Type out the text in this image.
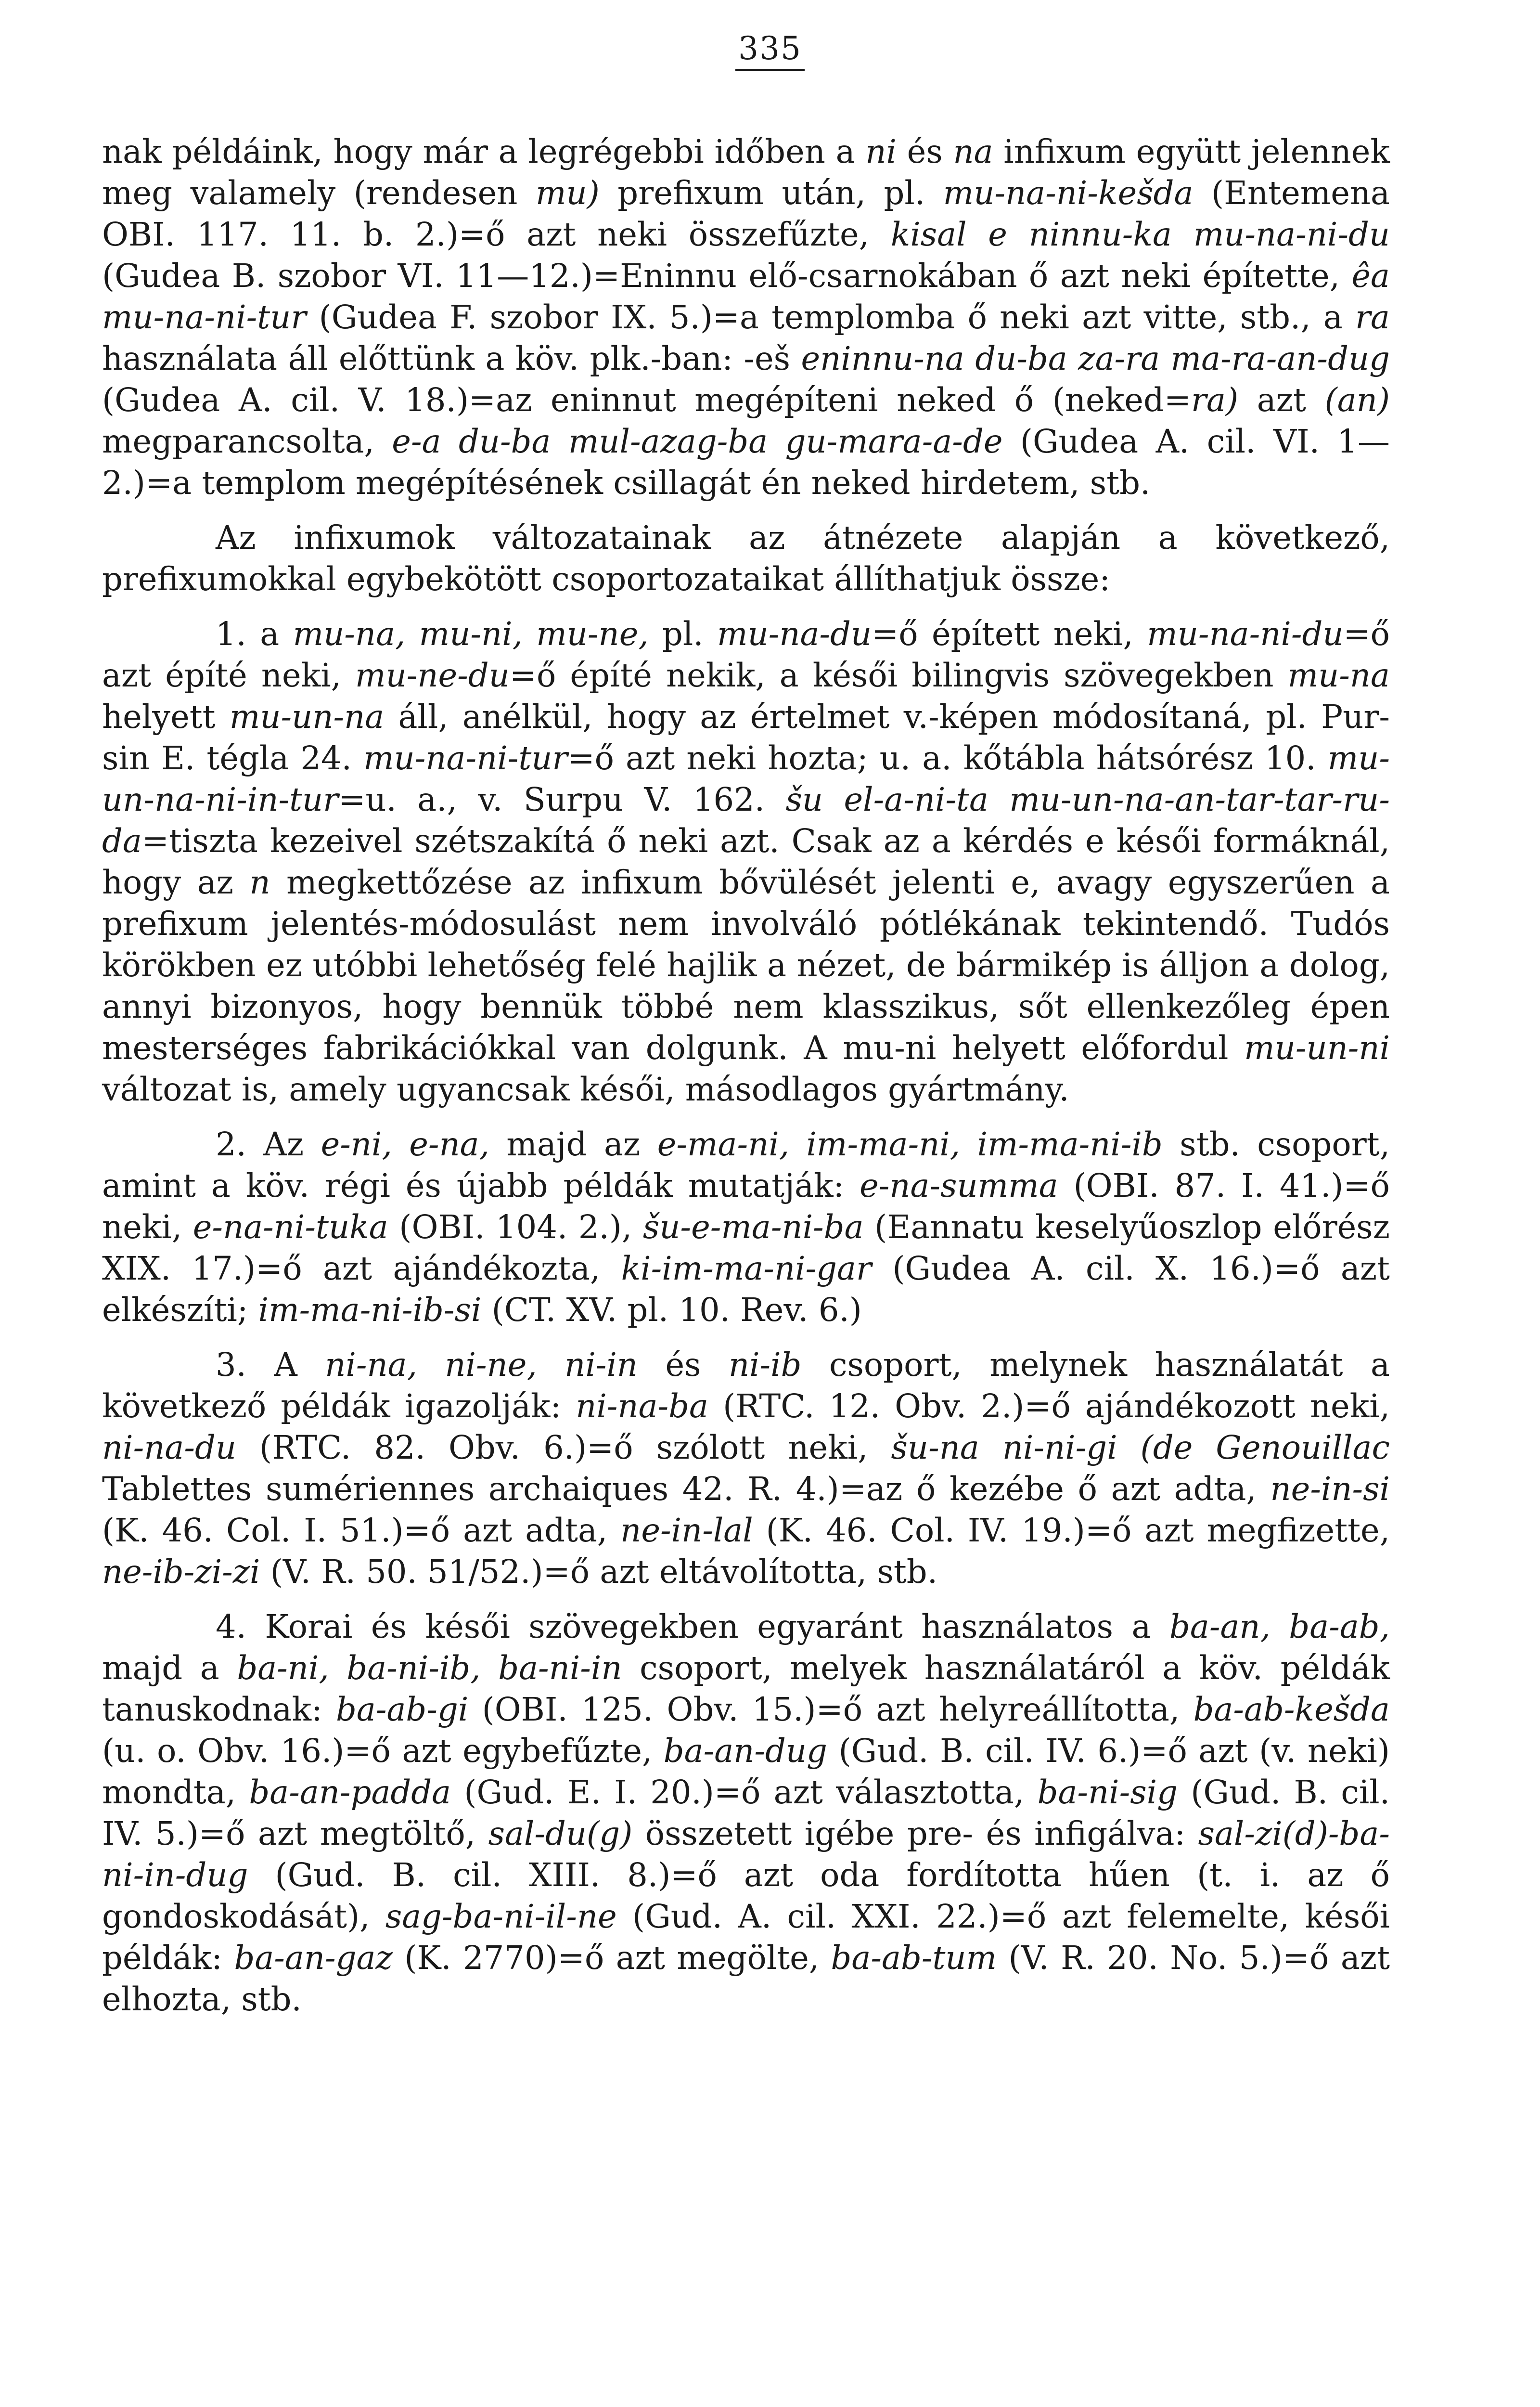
335

nak példáink, hogy már a legrégebbi időben a ni és na infixum együtt jelennek meg valamely (rendesen mu) prefixum után, pl. mu-na-ni-kešda (Entemena OBI. 117. 11. b. 2.)=ő azt neki összefűzte, kisal e ninnu-ka mu-na-ni-du (Gudea B. szobor VI. 11—12.)=Eninnu elő-csarnokában ő azt neki építette, êa mu-na-ni-tur (Gudea F. szobor IX. 5.)=a templomba ő neki azt vitte, stb., a ra használata áll előttünk a köv. plk.-ban: -eš eninnu-na du-ba za-ra ma-ra-an-dug (Gudea A. cil. V. 18.)=az eninnut megépíteni neked ő (neked=ra) azt (an) megparancsolta, e-a du-ba mul-azag-ba gu-mara-a-de (Gudea A. cil. VI. 1—2.)=a templom megépítésének csillagát én neked hirdetem, stb.

Az infixumok változatainak az átnézete alapján a következő, prefixumokkal egybekötött csoportozataikat állíthatjuk össze:

1. a mu-na, mu-ni, mu-ne, pl. mu-na-du=ő épített neki, mu-na-ni-du=ő azt építé neki, mu-ne-du=ő építé nekik, a késői bilingvis szövegekben mu-na helyett mu-un-na áll, anélkül, hogy az értelmet v.-képen módosítaná, pl. Pur-sin E. tégla 24. mu-na-ni-tur=ő azt neki hozta; u. a. kőtábla hátsórész 10. mu-un-na-ni-in-tur=u. a., v. Surpu V. 162. šu el-a-ni-ta mu-un-na-an-tar-tar-ru-da=tiszta kezeivel szétszakítá ő neki azt. Csak az a kérdés e késői formáknál, hogy az n megkettőzése az infixum bővülését jelenti e, avagy egyszerűen a prefixum jelentés-módosulást nem involváló pótlékának tekintendő. Tudós körökben ez utóbbi lehetőség felé hajlik a nézet, de bármikép is álljon a dolog, annyi bizonyos, hogy bennük többé nem klasszikus, sőt ellenkezőleg épen mesterséges fabrikációkkal van dolgunk. A mu-ni helyett előfordul mu-un-ni változat is, amely ugyancsak késői, másodlagos gyártmány.

2. Az e-ni, e-na, majd az e-ma-ni, im-ma-ni, im-ma-ni-ib stb. csoport, amint a köv. régi és újabb példák mutatják: e-na-summa (OBI. 87. I. 41.)=ő neki, e-na-ni-tuka (OBI. 104. 2.), šu-e-ma-ni-ba (Eannatu keselyűoszlop előrész XIX. 17.)=ő azt ajándékozta, ki-im-ma-ni-gar (Gudea A. cil. X. 16.)=ő azt elkészíti; im-ma-ni-ib-si (CT. XV. pl. 10. Rev. 6.)

3. A ni-na, ni-ne, ni-in és ni-ib csoport, melynek használatát a következő példák igazolják: ni-na-ba (RTC. 12. Obv. 2.)=ő ajándékozott neki, ni-na-du (RTC. 82. Obv. 6.)=ő szólott neki, šu-na ni-ni-gi (de Genouillac Tablettes sumériennes archaiques 42. R. 4.)=az ő kezébe ő azt adta, ne-in-si (K. 46. Col. I. 51.)=ő azt adta, ne-in-lal (K. 46. Col. IV. 19.)=ő azt megfizette, ne-ib-zi-zi (V. R. 50. 51/52.)=ő azt eltávolította, stb.

4. Korai és késői szövegekben egyaránt használatos a ba-an, ba-ab, majd a ba-ni, ba-ni-ib, ba-ni-in csoport, melyek használatáról a köv. példák tanuskodnak: ba-ab-gi (OBI. 125. Obv. 15.)=ő azt helyreállította, ba-ab-kešda (u. o. Obv. 16.)=ő azt egybefűzte, ba-an-dug (Gud. B. cil. IV. 6.)=ő azt (v. neki) mondta, ba-an-padda (Gud. E. I. 20.)=ő azt választotta, ba-ni-sig (Gud. B. cil. IV. 5.)=ő azt megtöltő, sal-du(g) összetett igébe pre- és infigálva: sal-zi(d)-ba-ni-in-dug (Gud. B. cil. XIII. 8.)=ő azt oda fordította hűen (t. i. az ő gondoskodását), sag-ba-ni-il-ne (Gud. A. cil. XXI. 22.)=ő azt felemelte, késői példák: ba-an-gaz (K. 2770)=ő azt megölte, ba-ab-tum (V. R. 20. No. 5.)=ő azt elhozta, stb.
